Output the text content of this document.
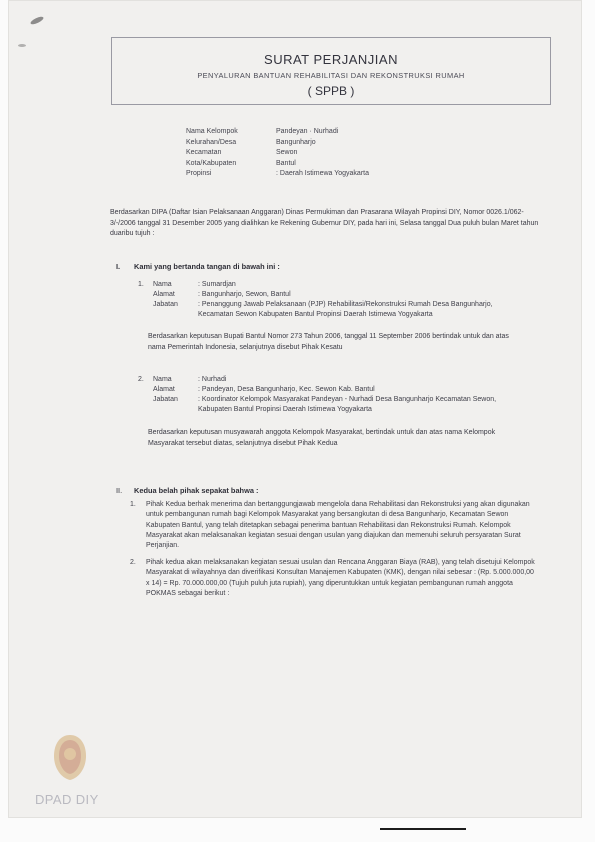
SURAT PERJANJIAN
PENYALURAN BANTUAN REHABILITASI DAN REKONSTRUKSI RUMAH
( SPPB )
Nama Kelompok	Pandeyan · Nurhadi
Kelurahan/Desa	Bangunharjo
Kecamatan	Sewon
Kota/Kabupaten	Bantul
Propinsi	: Daerah Istimewa Yogyakarta
Berdasarkan DIPA (Daftar Isian Pelaksanaan Anggaran) Dinas Permukiman dan Prasarana Wilayah Propinsi DIY, Nomor 0026.1/062-3/-/2006 tanggal 31 Desember 2005 yang dialihkan ke Rekening Gubernur DIY, pada hari ini, Selasa tanggal Dua puluh bulan Maret tahun duaribu tujuh :
I. Kami yang bertanda tangan di bawah ini :
1.	Nama	: Sumardjan
Alamat	: Bangunharjo, Sewon, Bantul
Jabatan	: Penanggung Jawab Pelaksanaan (PJP) Rehabilitasi/Rekonstruksi Rumah Desa Bangunharjo, Kecamatan Sewon Kabupaten Bantul Propinsi Daerah Istimewa Yogyakarta
Berdasarkan keputusan Bupati Bantul Nomor 273 Tahun 2006, tanggal 11 September 2006 bertindak untuk dan atas nama Pemerintah Indonesia, selanjutnya disebut Pihak Kesatu
2.	Nama	: Nurhadi
Alamat	: Pandeyan, Desa Bangunharjo, Kec. Sewon Kab. Bantul
Jabatan	: Koordinator Kelompok Masyarakat Pandeyan - Nurhadi Desa Bangunharjo Kecamatan Sewon, Kabupaten Bantul Propinsi Daerah Istimewa Yogyakarta
Berdasarkan keputusan musyawarah anggota Kelompok Masyarakat, bertindak untuk dan atas nama Kelompok Masyarakat tersebut diatas, selanjutnya disebut Pihak Kedua
II. Kedua belah pihak sepakat bahwa :
1.	Pihak Kedua berhak menerima dan bertanggungjawab mengelola dana Rehabilitasi dan Rekonstruksi yang akan digunakan untuk pembangunan rumah bagi Kelompok Masyarakat yang bersangkutan di desa Bangunharjo, Kecamatan Sewon Kabupaten Bantul, yang telah ditetapkan sebagai penerima bantuan Rehabilitasi dan Rekonstruksi Rumah. Kelompok Masyarakat akan melaksanakan kegiatan sesuai dengan usulan yang diajukan dan memenuhi seluruh persyaratan Surat Perjanjian.
2.	Pihak kedua akan melaksanakan kegiatan sesuai usulan dan Rencana Anggaran Biaya (RAB), yang telah disetujui Kelompok Masyarakat di wilayahnya dan diverifikasi Konsultan Manajemen Kabupaten (KMK), dengan nilai sebesar : (Rp. 5.000.000,00 x 14) = Rp. 70.000.000,00 (Tujuh puluh juta rupiah), yang diperuntukkan untuk kegiatan pembangunan rumah anggota POKMAS sebagai berikut :
DPAD DIY
